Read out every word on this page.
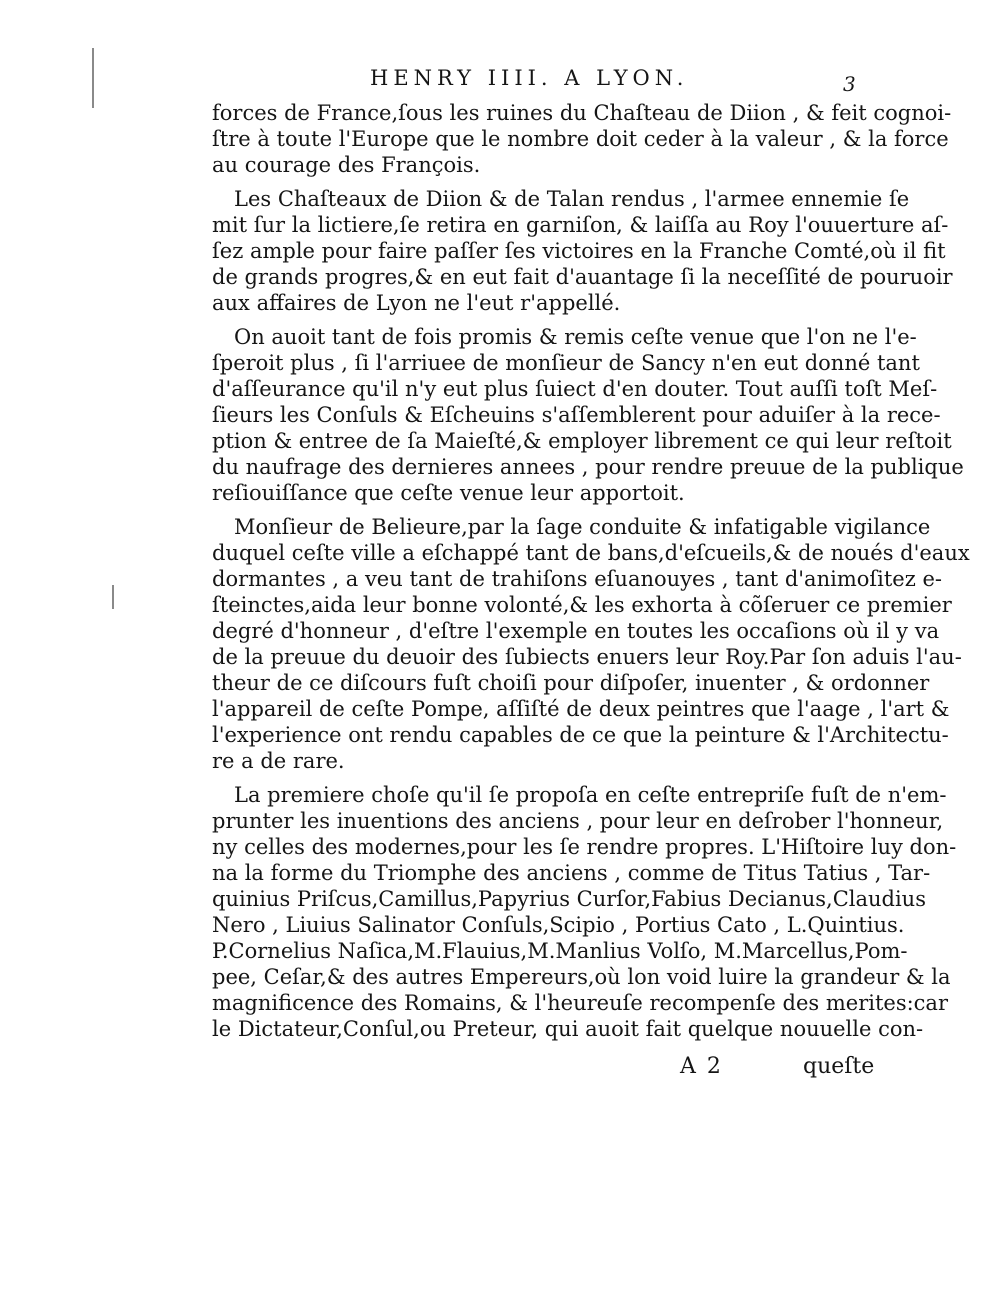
HENRY IIII. A LYON.	3
forces de France,ſous les ruines du Chaſteau de Diion , & feit cognoi-
ſtre à toute l'Europe que le nombre doit ceder à la valeur , & la force
au courage des François.
Les Chaſteaux de Diion & de Talan rendus , l'armee ennemie ſe
mit ſur la lictiere,ſe retira en garniſon, & laiſſa au Roy l'ouuerture aſ-
ſez ample pour faire paſſer ſes victoires en la Franche Comté,où il fit
de grands progres,& en eut fait d'auantage ſi la neceſſité de pouruoir
aux affaires de Lyon ne l'eut r'appellé.
On auoit tant de fois promis & remis ceſte venue que l'on ne l'e-
ſperoit plus , ſi l'arriuee de monſieur de Sancy n'en eut donné tant
d'aſſeurance qu'il n'y eut plus ſuiect d'en douter. Tout auſſi toſt Meſ-
ſieurs les Conſuls & Eſcheuins s'aſſemblerent pour aduiſer à la rece-
ption & entree de ſa Maieſté,& employer librement ce qui leur reſtoit
du naufrage des dernieres annees , pour rendre preuue de la publique
reſiouiſſance que ceſte venue leur apportoit.
Monſieur de Belieure,par la ſage conduite & infatigable vigilance
duquel ceſte ville a eſchappé tant de bans,d'eſcueils,& de noués d'eaux
dormantes , a veu tant de trahiſons eſuanouyes , tant d'animoſitez e-
ſteinctes,aida leur bonne volonté,& les exhorta à cõſeruer ce premier
degré d'honneur , d'eſtre l'exemple en toutes les occaſions où il y va
de la preuue du deuoir des ſubiects enuers leur Roy.Par ſon aduis l'au-
theur de ce diſcours fuſt choiſi pour diſpoſer, inuenter , & ordonner
l'appareil de ceſte Pompe, aſſiſté de deux peintres que l'aage , l'art &
l'experience ont rendu capables de ce que la peinture & l'Architectu-
re a de rare.
La premiere choſe qu'il ſe propoſa en ceſte entrepriſe fuſt de n'em-
prunter les inuentions des anciens , pour leur en deſrober l'honneur,
ny celles des modernes,pour les ſe rendre propres. L'Hiſtoire luy don-
na la forme du Triomphe des anciens , comme de Titus Tatius , Tar-
quinius Priſcus,Camillus,Papyrius Curſor,Fabius Decianus,Claudius
Nero , Liuius Salinator Conſuls,Scipio , Portius Cato , L.Quintius.
P.Cornelius Naſica,M.Flauius,M.Manlius Volſo, M.Marcellus,Pom-
pee, Ceſar,& des autres Empereurs,où lon void luire la grandeur & la
magnificence des Romains, & l'heureuſe recompenſe des merites:car
le Dictateur,Conſul,ou Preteur, qui auoit fait quelque nouuelle con-
A 2	queſte
